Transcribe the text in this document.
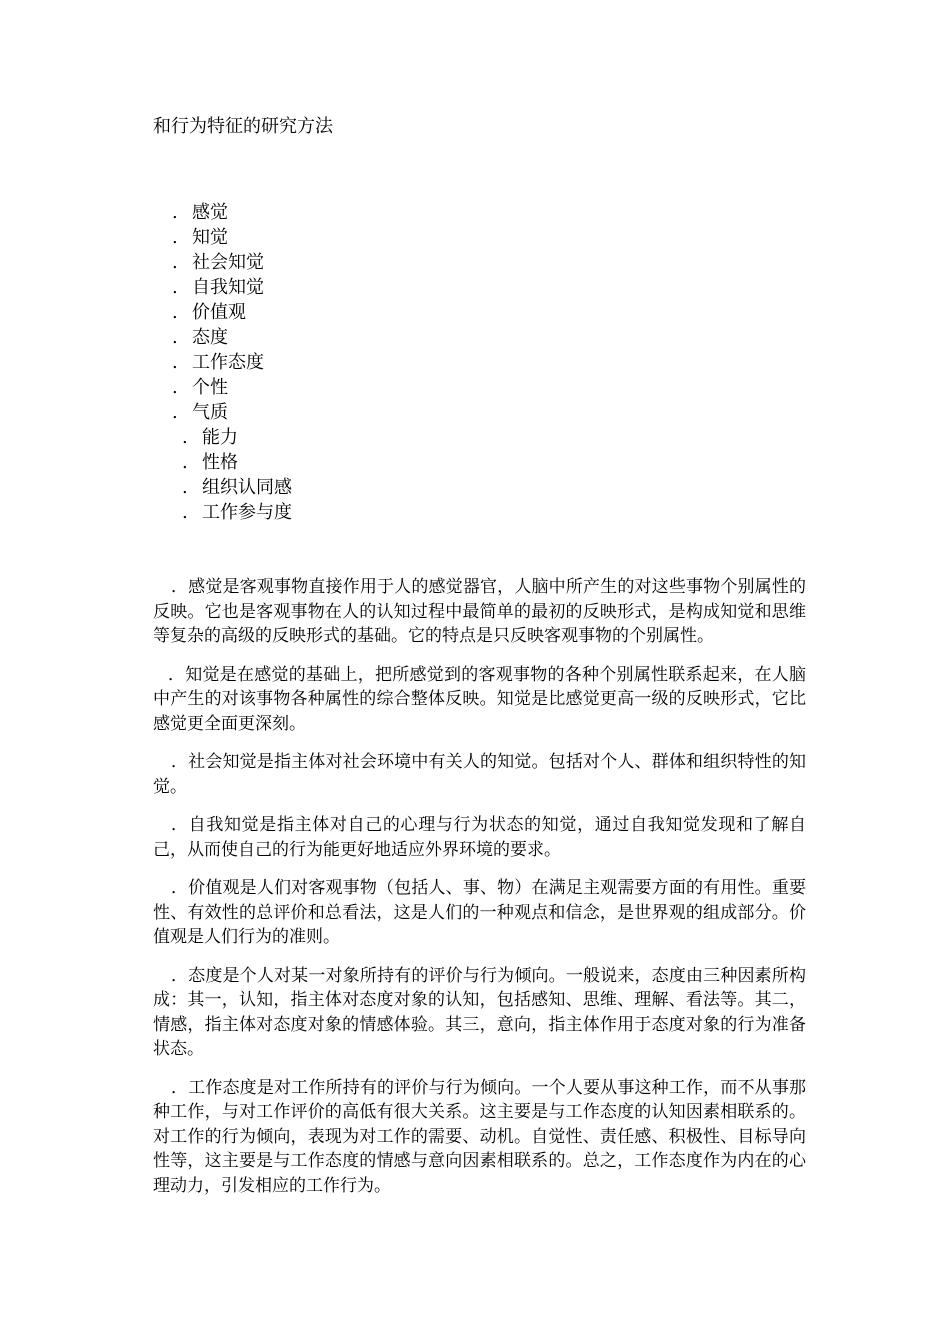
和行为特征的研究方法
. 感觉
. 知觉
. 社会知觉
. 自我知觉
. 价值观
. 态度
. 工作态度
. 个性
. 气质
. 能力
. 性格
. 组织认同感
. 工作参与度

．感觉是客观事物直接作用于人的感觉器官，人脑中所产生的对这些事物个别属性的反映。它也是客观事物在人的认知过程中最简单的最初的反映形式，是构成知觉和思维等复杂的高级的反映形式的基础。它的特点是只反映客观事物的个别属性。

．知觉是在感觉的基础上，把所感觉到的客观事物的各种个别属性联系起来，在人脑中产生的对该事物各种属性的综合整体反映。知觉是比感觉更高一级的反映形式，它比感觉更全面更深刻。

．社会知觉是指主体对社会环境中有关人的知觉。包括对个人、群体和组织特性的知觉。

．自我知觉是指主体对自己的心理与行为状态的知觉，通过自我知觉发现和了解自己，从而使自己的行为能更好地适应外界环境的要求。

．价值观是人们对客观事物（包括人、事、物）在满足主观需要方面的有用性。重要性、有效性的总评价和总看法，这是人们的一种观点和信念，是世界观的组成部分。价值观是人们行为的准则。

．态度是个人对某一对象所持有的评价与行为倾向。一般说来，态度由三种因素所构成：其一，认知，指主体对态度对象的认知，包括感知、思维、理解、看法等。其二，情感，指主体对态度对象的情感体验。其三，意向，指主体作用于态度对象的行为准备状态。

．工作态度是对工作所持有的评价与行为倾向。一个人要从事这种工作，而不从事那种工作，与对工作评价的高低有很大关系。这主要是与工作态度的认知因素相联系的。对工作的行为倾向，表现为对工作的需要、动机。自觉性、责任感、积极性、目标导向性等，这主要是与工作态度的情感与意向因素相联系的。总之，工作态度作为内在的心理动力，引发相应的工作行为。
